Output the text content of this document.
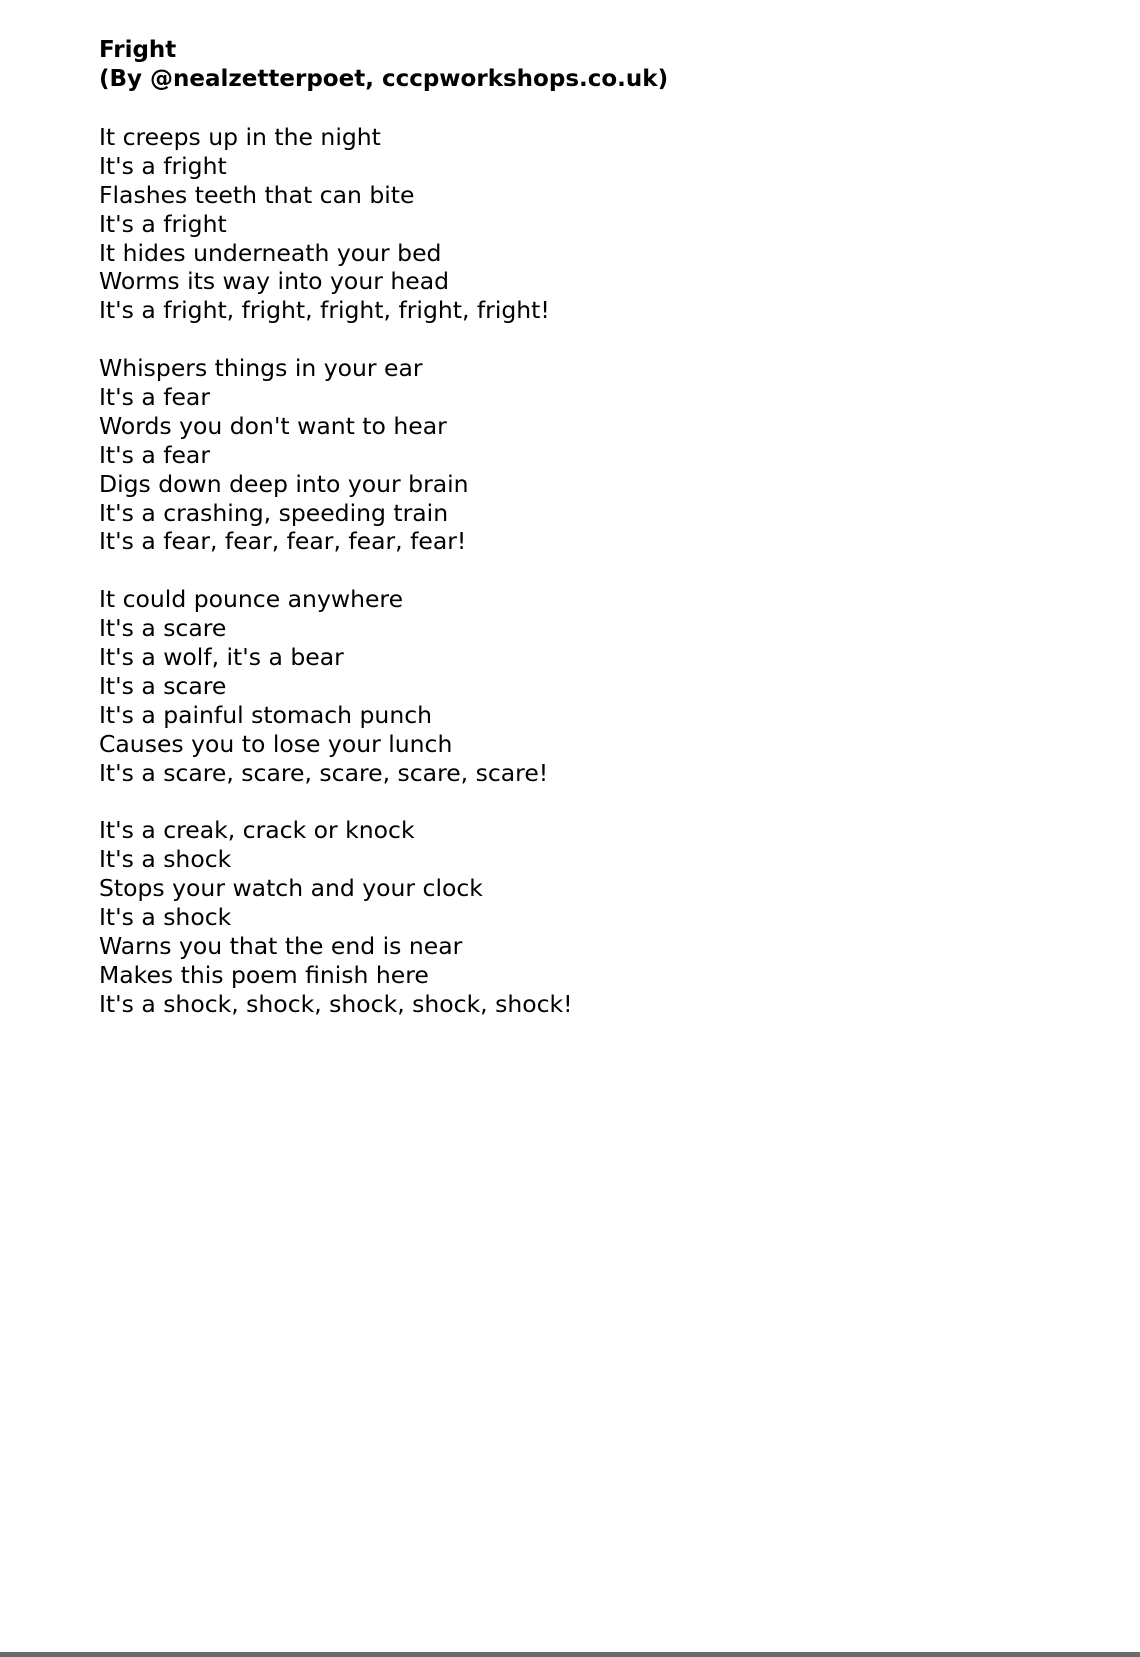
Fright
(By @nealzetterpoet, cccpworkshops.co.uk)
It creeps up in the night
It's a fright
Flashes teeth that can bite
It's a fright
It hides underneath your bed
Worms its way into your head
It's a fright, fright, fright, fright, fright!
Whispers things in your ear
It's a fear
Words you don't want to hear
It's a fear
Digs down deep into your brain
It's a crashing, speeding train
It's a fear, fear, fear, fear, fear!
It could pounce anywhere
It's a scare
It's a wolf, it's a bear
It's a scare
It's a painful stomach punch
Causes you to lose your lunch
It's a scare, scare, scare, scare, scare!
It's a creak, crack or knock
It's a shock
Stops your watch and your clock
It's a shock
Warns you that the end is near
Makes this poem finish here
It's a shock, shock, shock, shock, shock!
